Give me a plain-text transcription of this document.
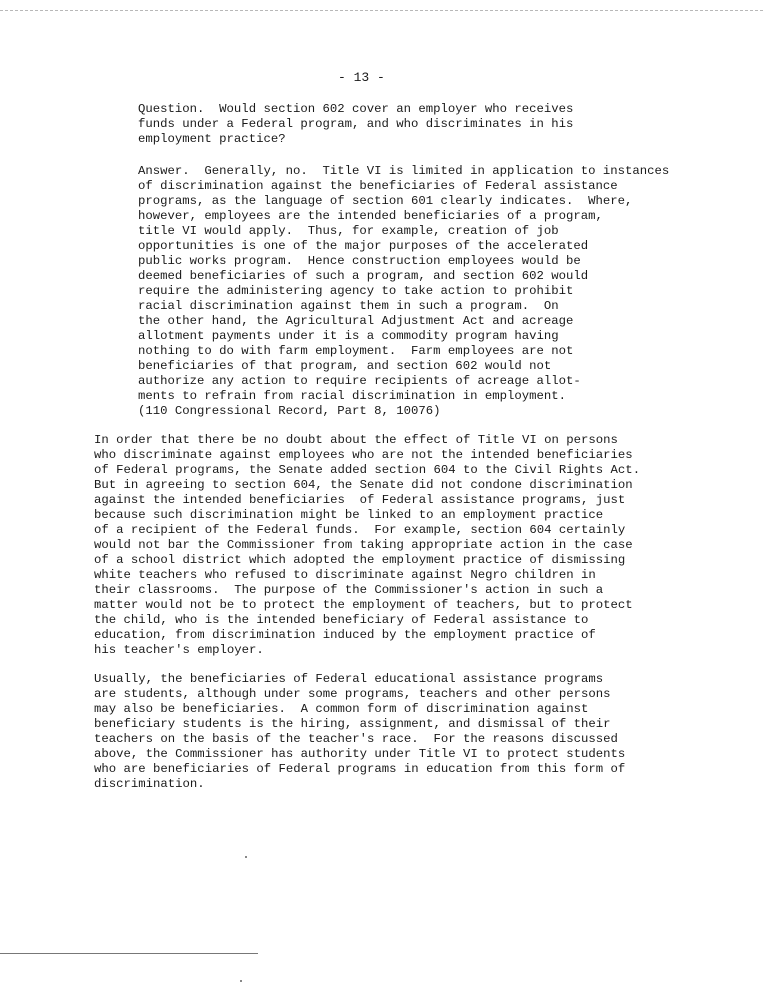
- 13 -
Question.  Would section 602 cover an employer who receives
funds under a Federal program, and who discriminates in his
employment practice?
Answer.  Generally, no.  Title VI is limited in application to instances
of discrimination against the beneficiaries of Federal assistance
programs, as the language of section 601 clearly indicates.  Where,
however, employees are the intended beneficiaries of a program,
title VI would apply.  Thus, for example, creation of job
opportunities is one of the major purposes of the accelerated
public works program.  Hence construction employees would be
deemed beneficiaries of such a program, and section 602 would
require the administering agency to take action to prohibit
racial discrimination against them in such a program.  On
the other hand, the Agricultural Adjustment Act and acreage
allotment payments under it is a commodity program having
nothing to do with farm employment.  Farm employees are not
beneficiaries of that program, and section 602 would not
authorize any action to require recipients of acreage allot-
ments to refrain from racial discrimination in employment.
(110 Congressional Record, Part 8, 10076)
In order that there be no doubt about the effect of Title VI on persons
who discriminate against employees who are not the intended beneficiaries
of Federal programs, the Senate added section 604 to the Civil Rights Act.
But in agreeing to section 604, the Senate did not condone discrimination
against the intended beneficiaries  of Federal assistance programs, just
because such discrimination might be linked to an employment practice
of a recipient of the Federal funds.  For example, section 604 certainly
would not bar the Commissioner from taking appropriate action in the case
of a school district which adopted the employment practice of dismissing
white teachers who refused to discriminate against Negro children in
their classrooms.  The purpose of the Commissioner's action in such a
matter would not be to protect the employment of teachers, but to protect
the child, who is the intended beneficiary of Federal assistance to
education, from discrimination induced by the employment practice of
his teacher's employer.
Usually, the beneficiaries of Federal educational assistance programs
are students, although under some programs, teachers and other persons
may also be beneficiaries.  A common form of discrimination against
beneficiary students is the hiring, assignment, and dismissal of their
teachers on the basis of the teacher's race.  For the reasons discussed
above, the Commissioner has authority under Title VI to protect students
who are beneficiaries of Federal programs in education from this form of
discrimination.
